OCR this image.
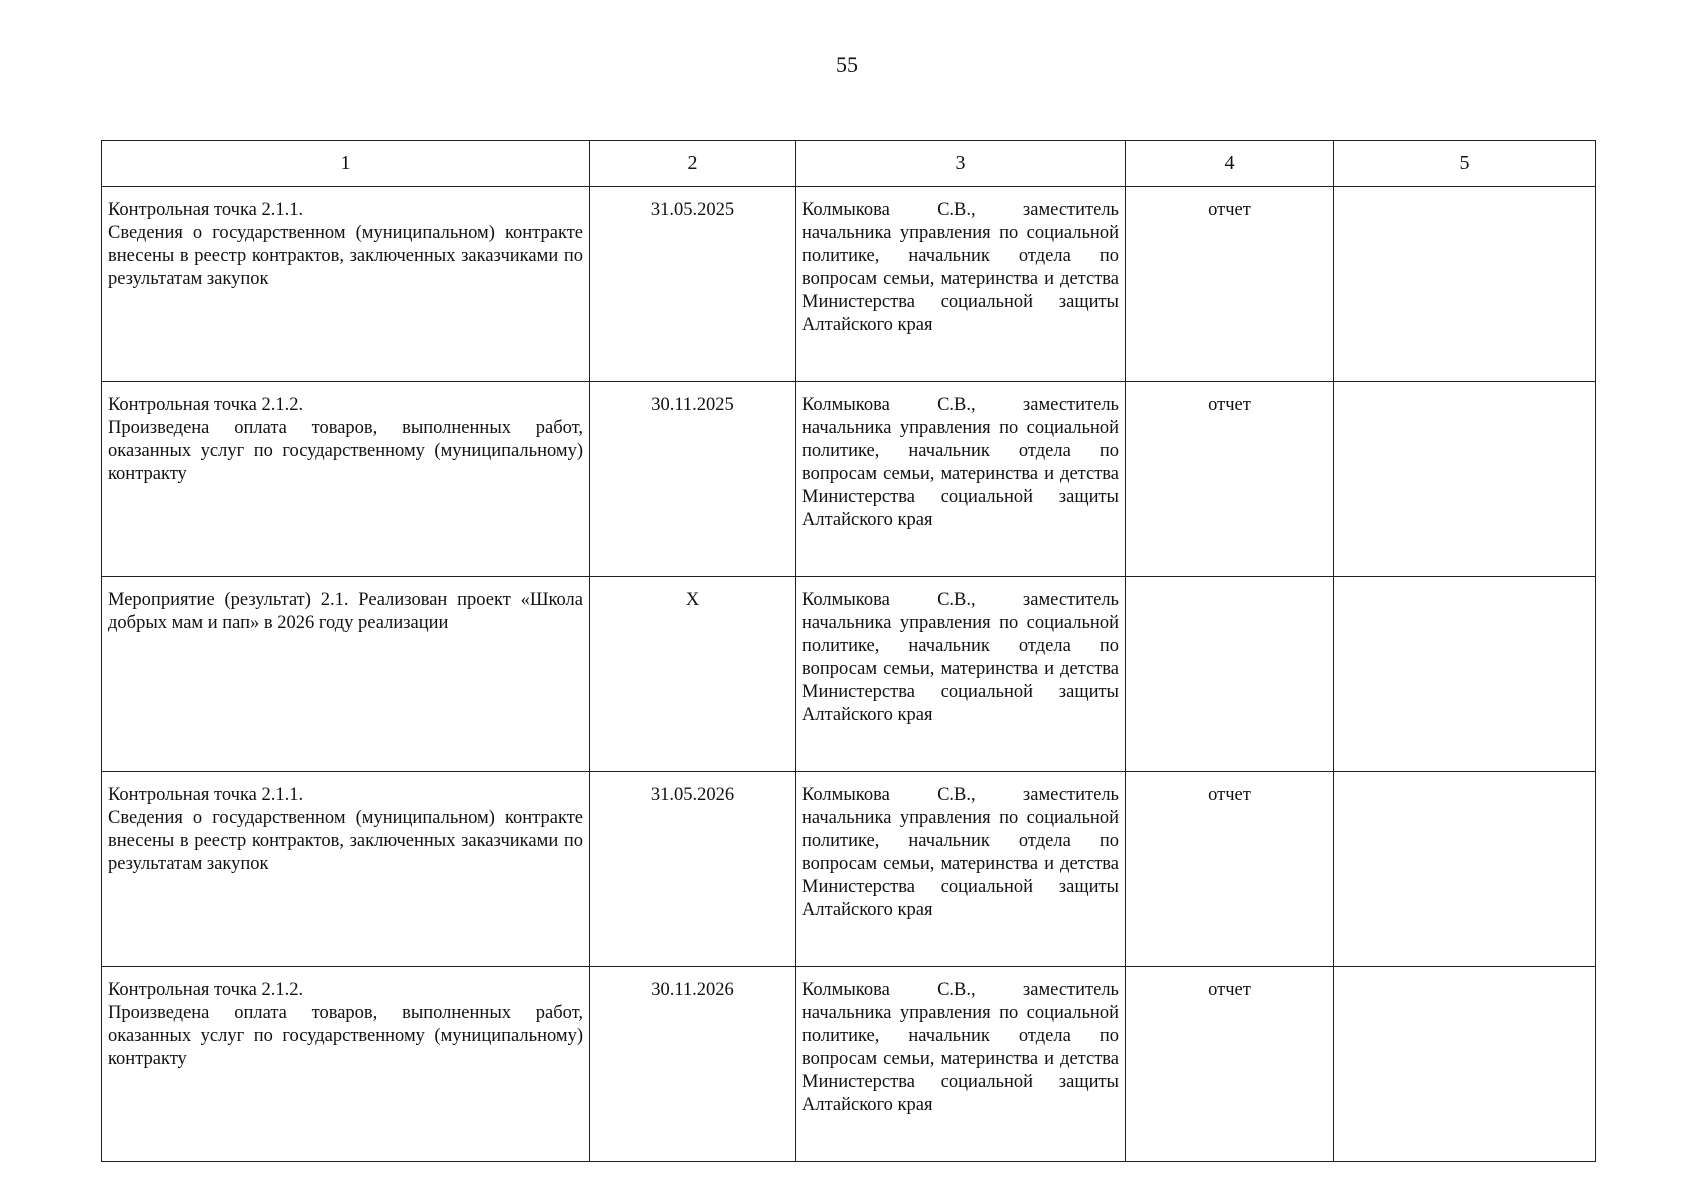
55
1	2	3	4	5

Контрольная точка 2.1.1.
Сведения о государственном (муниципальном) контракте внесены в реестр контрактов, заключенных заказчиками по результатам закупок	31.05.2025	Колмыкова С.В., заместитель начальника управления по социальной политике, начальник отдела по вопросам семьи, материнства и детства Министерства социальной защиты
Алтайского края	отчет	

Контрольная точка 2.1.2.
Произведена оплата товаров, выполненных работ, оказанных услуг по государственному (муниципальному) контракту	30.11.2025	Колмыкова С.В., заместитель начальника управления по социальной политике, начальник отдела по вопросам семьи, материнства и детства Министерства социальной защиты
Алтайского края	отчет	

Мероприятие (результат) 2.1. Реализован проект «Школа добрых мам и пап» в 2026 году реализации	X	Колмыкова С.В., заместитель начальника управления по социальной политике, начальник отдела по вопросам семьи, материнства и детства Министерства социальной защиты
Алтайского края		

Контрольная точка 2.1.1.
Сведения о государственном (муниципальном) контракте внесены в реестр контрактов, заключенных заказчиками по результатам закупок	31.05.2026	Колмыкова С.В., заместитель начальника управления по социальной политике, начальник отдела по вопросам семьи, материнства и детства Министерства социальной защиты
Алтайского края	отчет	

Контрольная точка 2.1.2.
Произведена оплата товаров, выполненных работ, оказанных услуг по государственному (муниципальному) контракту	30.11.2026	Колмыкова С.В., заместитель начальника управления по социальной политике, начальник отдела по вопросам семьи, материнства и детства Министерства социальной защиты
Алтайского края	отчет	
